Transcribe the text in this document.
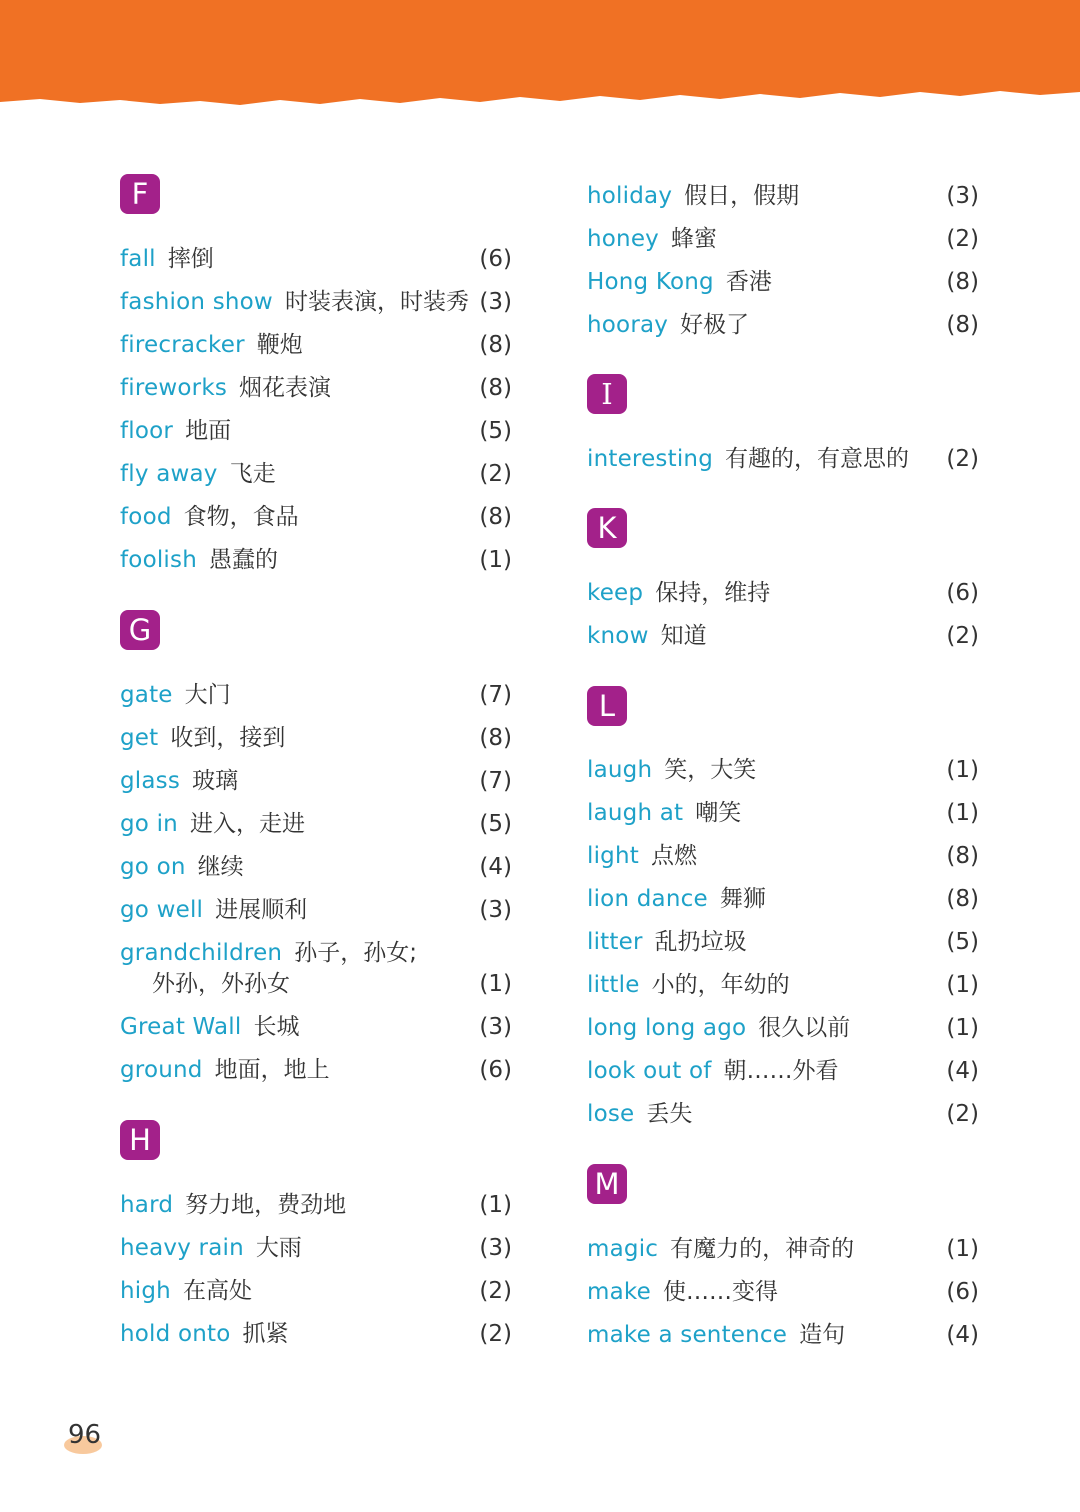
F
fall 摔倒	(6)
fashion show 时装表演，时装秀 (3)
firecracker 鞭炮	(8)
fireworks 烟花表演	(8)
floor 地面	(5)
fly away 飞走	(2)
food 食物，食品	(8)
foolish 愚蠢的	(1)
G
gate 大门	(7)
get 收到，接到	(8)
glass 玻璃	(7)
go in 进入，走进	(5)
go on 继续	(4)
go well 进展顺利	(3)
grandchildren 孙子，孙女;
外孙，外孙女	(1)
Great Wall 长城	(3)
ground 地面，地上	(6)
H
hard 努力地，费劲地	(1)
heavy rain 大雨	(3)
high 在高处	(2)
hold onto 抓紧	(2)
holiday 假日，假期	(3)
honey 蜂蜜	(2)
Hong Kong 香港	(8)
hooray 好极了	(8)
I
interesting 有趣的，有意思的 (2)
K
keep 保持，维持	(6)
know 知道	(2)
L
laugh 笑，大笑	(1)
laugh at 嘲笑	(1)
light 点燃	(8)
lion dance 舞狮	(8)
litter 乱扔垃圾	(5)
little 小的，年幼的	(1)
long long ago 很久以前	(1)
look out of 朝……外看	(4)
lose 丢失	(2)
M
magic 有魔力的，神奇的	(1)
make 使……变得	(6)
make a sentence 造句	(4)
96
